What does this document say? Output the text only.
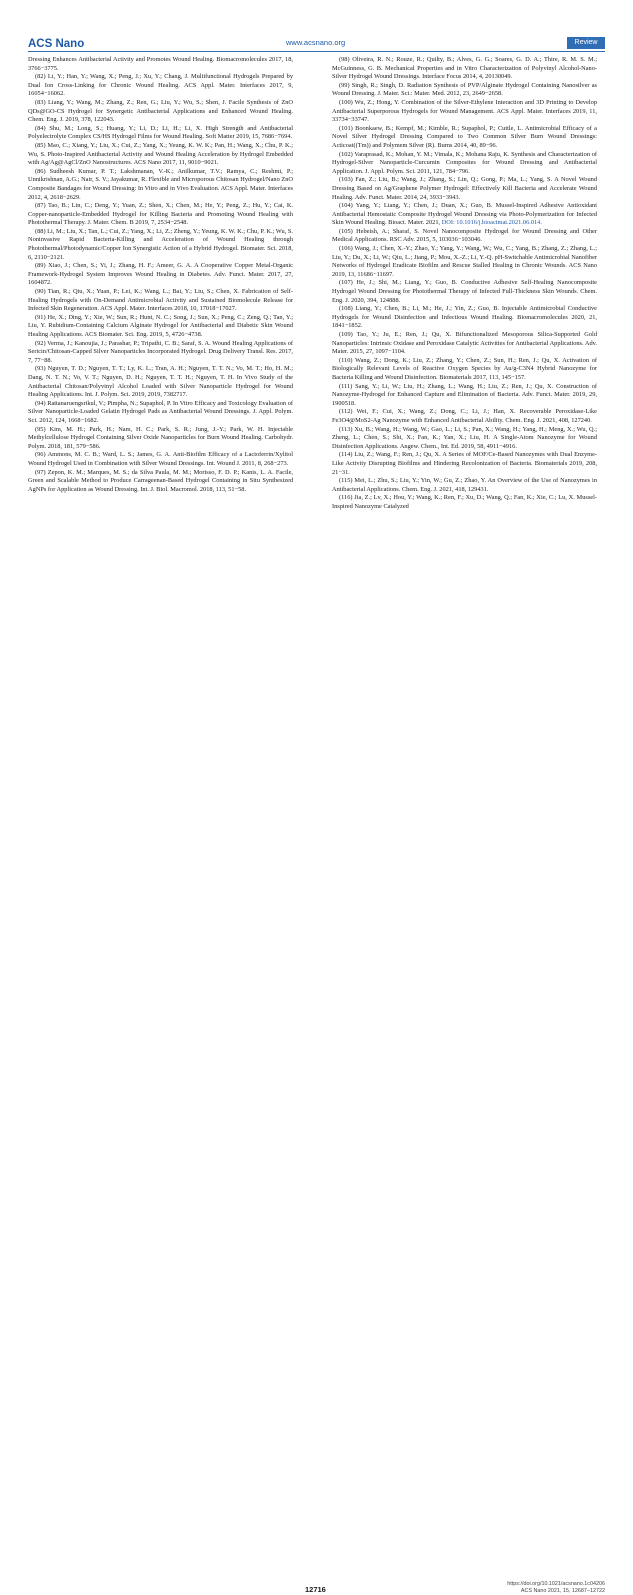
ACS Nano	www.acsnano.org	Review

Dressing Enhances Antibacterial Activity and Promotes Wound Healing. Biomacromolecules 2017, 18, 3766−3775.

(82) Li, Y.; Han, Y.; Wang, X.; Peng, J.; Xu, Y.; Chang, J. Multifunctional Hydrogels Prepared by Dual Ion Cross-Linking for Chronic Wound Healing. ACS Appl. Mater. Interfaces 2017, 9, 16054−16062.

(83) Liang, Y.; Wang, M.; Zhang, Z.; Ren, G.; Liu, Y.; Wu, S.; Shen, J. Facile Synthesis of ZnO QDs@GO-CS Hydrogel for Synergetic Antibacterial Applications and Enhanced Wound Healing. Chem. Eng. J. 2019, 378, 122043.

(84) Shu, M.; Long, S.; Huang, Y.; Li, D.; Li, H.; Li, X. High Strength and Antibacterial Polyelectrolyte Complex CS/HS Hydrogel Films for Wound Healing. Soft Matter 2019, 15, 7686−7694.

(85) Mao, C.; Xiang, Y.; Liu, X.; Cui, Z.; Yang, X.; Yeung, K. W. K.; Pan, H.; Wang, X.; Chu, P. K.; Wu, S. Photo-Inspired Antibacterial Activity and Wound Healing Acceleration by Hydrogel Embedded with Ag/Ag@AgCl/ZnO Nanostructures. ACS Nano 2017, 11, 9010−9021.

(86) Sudheesh Kumar, P. T.; Lakshmanan, V.-K.; Anilkumar, T.V.; Ramya, C.; Reshmi, P.; Unnikrishnan, A.G.; Nair, S. V.; Jayakumar, R. Flexible and Microporous Chitosan Hydrogel/Nano ZnO Composite Bandages for Wound Dressing: In Vitro and in Vivo Evaluation. ACS Appl. Mater. Interfaces 2012, 4, 2618−2629.

(87) Tao, B.; Lin, C.; Deng, Y.; Yuan, Z.; Shen, X.; Chen, M.; He, Y.; Peng, Z.; Hu, Y.; Cai, K. Copper-nanoparticle-Embedded Hydrogel for Killing Bacteria and Promoting Wound Healing with Photothermal Therapy. J. Mater. Chem. B 2019, 7, 2534−2548.

(88) Li, M.; Liu, X.; Tan, L.; Cui, Z.; Yang, X.; Li, Z.; Zheng, Y.; Yeung, K. W. K.; Chu, P. K.; Wu, S. Noninvasive Rapid Bacteria-Killing and Acceleration of Wound Healing through Photothermal/Photodynamic/Copper Ion Synergistic Action of a Hybrid Hydrogel. Biomater. Sci. 2018, 6, 2110−2121.

(89) Xiao, J.; Chen, S.; Yi, J.; Zhang, H. F.; Ameer, G. A. A Cooperative Copper Metal-Organic Framework-Hydrogel System Improves Wound Healing in Diabetes. Adv. Funct. Mater. 2017, 27, 1604872.

(90) Tian, R.; Qiu, X.; Yuan, P.; Lei, K.; Wang, L.; Bai, Y.; Liu, S.; Chen, X. Fabrication of Self-Healing Hydrogels with On-Demand Antimicrobial Activity and Sustained Biomolecule Release for Infected Skin Regeneration. ACS Appl. Mater. Interfaces 2018, 10, 17018−17027.

(91) He, X.; Ding, Y.; Xie, W.; Sun, R.; Hunt, N. C.; Song, J.; Sun, X.; Peng, C.; Zeng, Q.; Tan, Y.; Liu, Y. Rubidium-Containing Calcium Alginate Hydrogel for Antibacterial and Diabetic Skin Wound Healing Applications. ACS Biomater. Sci. Eng. 2019, 5, 4726−4738.

(92) Verma, J.; Kanoujia, J.; Parashar, P.; Tripathi, C. B.; Saraf, S. A. Wound Healing Applications of Sericin/Chitosan-Capped Silver Nanoparticles Incorporated Hydrogel. Drug Delivery Transl. Res. 2017, 7, 77−88.

(93) Nguyen, T. D.; Nguyen, T. T.; Ly, K. L.; Tran, A. H.; Nguyen, T. T. N.; Vo, M. T.; Ho, H. M.; Dang, N. T. N.; Vo, V. T.; Nguyen, D. H.; Nguyen, T. T. H.; Nguyen, T. H. In Vivo Study of the Antibacterial Chitosan/Polyvinyl Alcohol Loaded with Silver Nanoparticle Hydrogel for Wound Healing Applications. Int. J. Polym. Sci. 2019, 2019, 7382717.

(94) Rattanaruengsrikul, V.; Pimpha, N.; Supaphol, P. In Vitro Efficacy and Toxicology Evaluation of Silver Nanoparticle-Loaded Gelatin Hydrogel Pads as Antibacterial Wound Dressings. J. Appl. Polym. Sci. 2012, 124, 1668−1682.

(95) Kim, M. H.; Park, H.; Nam, H. C.; Park, S. R.; Jung, J.-Y.; Park, W. H. Injectable Methylcellulose Hydrogel Containing Silver Oxide Nanoparticles for Burn Wound Healing. Carbohydr. Polym. 2018, 181, 579−586.

(96) Ammons, M. C. B.; Ward, L. S.; James, G. A. Anti-Biofilm Efficacy of a Lactoferrin/Xylitol Wound Hydrogel Used in Combination with Silver Wound Dressings. Int. Wound J. 2011, 8, 268−273.

(97) Zepon, K. M.; Marques, M. S.; da Silva Paula, M. M.; Morisso, F. D. P.; Kanis, L. A. Facile, Green and Scalable Method to Produce Carrageenan-Based Hydrogel Containing in Situ Synthesized AgNPs for Application as Wound Dressing. Int. J. Biol. Macromol. 2018, 113, 51−58.

(98) Oliveira, R. N.; Rouze, R.; Quilty, B.; Alves, G. G.; Soares, G. D. A.; Thire, R. M. S. M.; McGuinness, G. B. Mechanical Properties and in Vitro Characterization of Polyvinyl Alcohol-Nano-Silver Hydrogel Wound Dressings. Interface Focus 2014, 4, 20130049.

(99) Singh, R.; Singh, D. Radiation Synthesis of PVP/Alginate Hydrogel Containing Nanosilver as Wound Dressing. J. Mater. Sci.: Mater. Med. 2012, 23, 2649−2658.

(100) Wu, Z.; Hong, Y. Combination of the Silver-Ethylene Interaction and 3D Printing to Develop Antibacterial Superporous Hydrogels for Wound Management. ACS Appl. Mater. Interfaces 2019, 11, 33734−33747.

(101) Boonkaew, B.; Kempf, M.; Kimble, R.; Supaphol, P.; Cuttle, L. Antimicrobial Efficacy of a Novel Silver Hydrogel Dressing Compared to Two Common Silver Burn Wound Dressings: Acticoat((Tm)) and Polymem Silver (R). Burns 2014, 40, 89−96.

(102) Varaprasad, K.; Mohan, Y. M.; Vimala, K.; Mohana Raju, K. Synthesis and Characterization of Hydrogel-Silver Nanoparticle-Curcumin Composites for Wound Dressing and Antibacterial Application. J. Appl. Polym. Sci. 2011, 121, 784−796.

(103) Fan, Z.; Liu, B.; Wang, J.; Zhang, S.; Lin, Q.; Gong, P.; Ma, L.; Yang, S. A Novel Wound Dressing Based on Ag/Graphene Polymer Hydrogel: Effectively Kill Bacteria and Accelerate Wound Healing. Adv. Funct. Mater. 2014, 24, 3933−3943.

(104) Yang, Y.; Liang, Y.; Chen, J.; Duan, X.; Guo, B. Mussel-Inspired Adhesive Antioxidant Antibacterial Hemostatic Composite Hydrogel Wound Dressing via Photo-Polymerization for Infected Skin Wound Healing. Bioact. Mater. 2021, DOI: 10.1016/j.bioactmat.2021.06.014.

(105) Hebeish, A.; Sharaf, S. Novel Nanocomposite Hydrogel for Wound Dressing and Other Medical Applications. RSC Adv. 2015, 5, 103036−103046.

(106) Wang, J.; Chen, X.-Y.; Zhao, Y.; Yang, Y.; Wang, W.; Wu, C.; Yang, B.; Zhang, Z.; Zhang, L.; Liu, Y.; Du, X.; Li, W.; Qiu, L.; Jiang, P.; Mou, X.-Z.; Li, Y.-Q. pH-Switchable Antimicrobial Nanofiber Networks of Hydrogel Eradicate Biofilm and Rescue Stalled Healing in Chronic Wounds. ACS Nano 2019, 13, 11686−11697.

(107) He, J.; Shi, M.; Liang, Y.; Guo, B. Conductive Adhesive Self-Healing Nanocomposite Hydrogel Wound Dressing for Photothermal Therapy of Infected Full-Thickness Skin Wounds. Chem. Eng. J. 2020, 394, 124888.

(108) Liang, Y.; Chen, B.; Li, M.; He, J.; Yin, Z.; Guo, B. Injectable Antimicrobial Conductive Hydrogels for Wound Disinfection and Infectious Wound Healing. Biomacromolecules 2020, 21, 1841−1852.

(109) Tao, Y.; Ju, E.; Ren, J.; Qu, X. Bifunctionalized Mesoporous Silica-Supported Gold Nanoparticles: Intrinsic Oxidase and Peroxidase Catalytic Activities for Antibacterial Applications. Adv. Mater. 2015, 27, 1097−1104.

(110) Wang, Z.; Dong, K.; Liu, Z.; Zhang, Y.; Chen, Z.; Sun, H.; Ren, J.; Qu, X. Activation of Biologically Relevant Levels of Reactive Oxygen Species by Au/g-C3N4 Hybrid Nanozyme for Bacteria Killing and Wound Disinfection. Biomaterials 2017, 113, 145−157.

(111) Sang, Y.; Li, W.; Liu, H.; Zhang, L.; Wang, H.; Liu, Z.; Ren, J.; Qu, X. Construction of Nanozyme-Hydrogel for Enhanced Capture and Elimination of Bacteria. Adv. Funct. Mater. 2019, 29, 1900518.

(112) Wei, F.; Cui, X.; Wang, Z.; Dong, C.; Li, J.; Han, X. Recoverable Peroxidase-Like Fe3O4@MoS2-Ag Nanozyme with Enhanced Antibacterial Ability. Chem. Eng. J. 2021, 408, 127240.

(113) Xu, B.; Wang, H.; Wang, W.; Gao, L.; Li, S.; Pan, X.; Wang, H.; Yang, H.; Meng, X.; Wu, Q.; Zheng, L.; Chen, S.; Shi, X.; Fan, K.; Yan, X.; Liu, H. A Single-Atom Nanozyme for Wound Disinfection Applications. Angew. Chem., Int. Ed. 2019, 58, 4911−4916.

(114) Liu, Z.; Wang, F.; Ren, J.; Qu, X. A Series of MOF/Ce-Based Nanozymes with Dual Enzyme-Like Activity Disrupting Biofilms and Hindering Recolonization of Bacteria. Biomaterials 2019, 208, 21−31.

(115) Mei, L.; Zhu, S.; Liu, Y.; Yin, W.; Gu, Z.; Zhao, Y. An Overview of the Use of Nanozymes in Antibacterial Applications. Chem. Eng. J. 2021, 418, 129431.

(116) Jia, Z.; Lv, X.; Hou, Y.; Wang, K.; Ren, F.; Xu, D.; Wang, Q.; Fan, K.; Xie, C.; Lu, X. Mussel-Inspired Nanozyme Catalyzed

12716
https://doi.org/10.1021/acsnano.1c04206
ACS Nano 2021, 15, 12687−12722
